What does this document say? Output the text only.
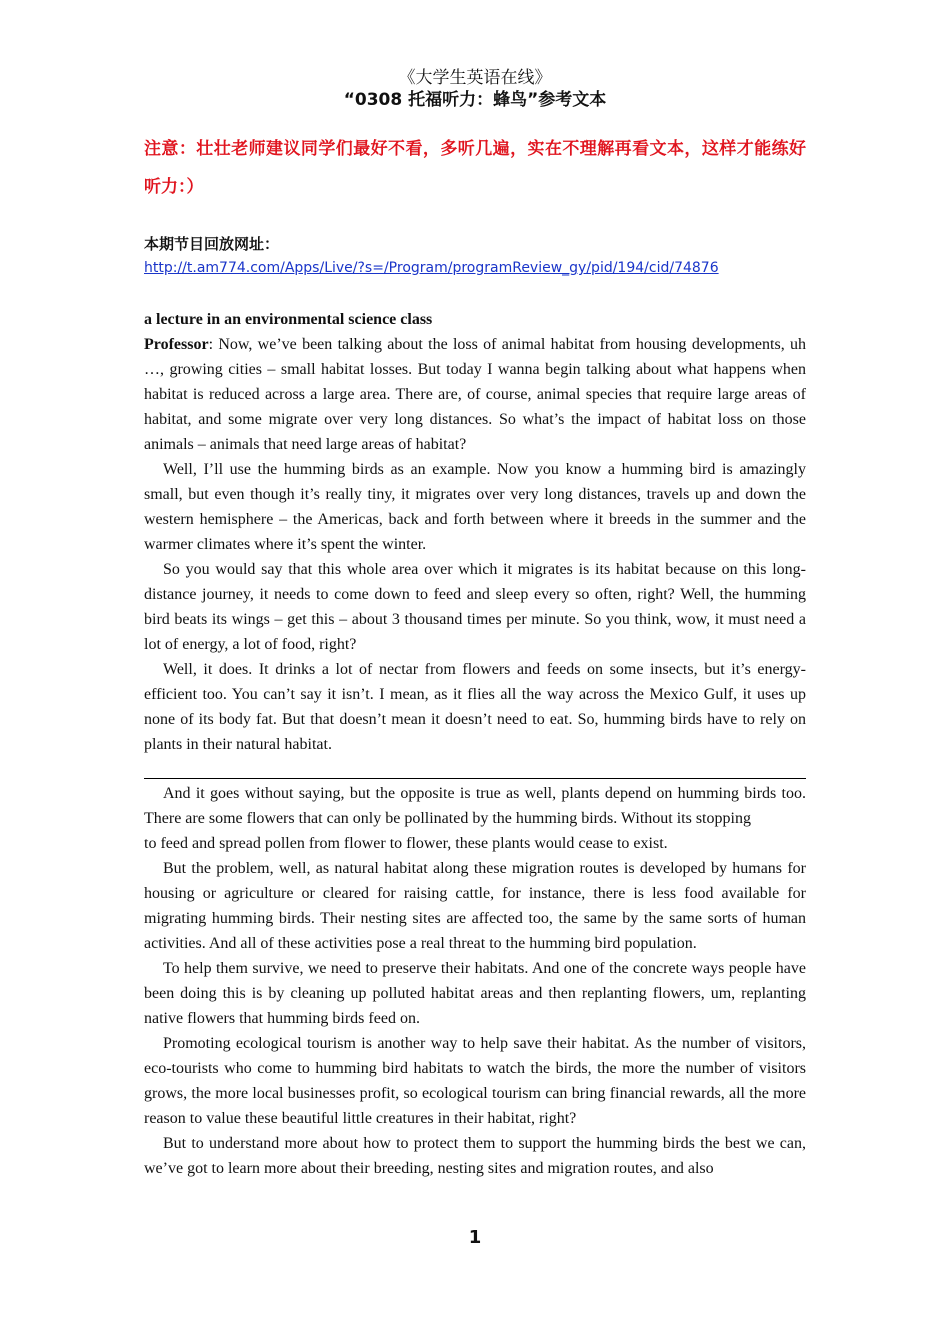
《大学生英语在线》
“0308 托福听力：蜂鸟”参考文本
注意：壮壮老师建议同学们最好不看，多听几遍，实在不理解再看文本，这样才能练好听力：）
本期节目回放网址：
http://t.am774.com/Apps/Live/?s=/Program/programReview_gy/pid/194/cid/74876

a lecture in an environmental science class

Professor: Now, we’ve been talking about the loss of animal habitat from housing developments, uh …, growing cities – small habitat losses. But today I wanna begin talking about what happens when habitat is reduced across a large area. There are, of course, animal species that require large areas of habitat, and some migrate over very long distances. So what’s the impact of habitat loss on those animals – animals that need large areas of habitat?

Well, I’ll use the humming birds as an example. Now you know a humming bird is amazingly small, but even though it’s really tiny, it migrates over very long distances, travels up and down the western hemisphere – the Americas, back and forth between where it breeds in the summer and the warmer climates where it’s spent the winter.

So you would say that this whole area over which it migrates is its habitat because on this long-distance journey, it needs to come down to feed and sleep every so often, right? Well, the humming bird beats its wings – get this – about 3 thousand times per minute. So you think, wow, it must need a lot of energy, a lot of food, right?

Well, it does. It drinks a lot of nectar from flowers and feeds on some insects, but it’s energy-efficient too. You can’t say it isn’t. I mean, as it flies all the way across the Mexico Gulf, it uses up none of its body fat. But that doesn’t mean it doesn’t need to eat. So, humming birds have to rely on plants in their natural habitat.

And it goes without saying, but the opposite is true as well, plants depend on humming birds too. There are some flowers that can only be pollinated by the humming birds. Without its stopping

to feed and spread pollen from flower to flower, these plants would cease to exist.

But the problem, well, as natural habitat along these migration routes is developed by humans for housing or agriculture or cleared for raising cattle, for instance, there is less food available for migrating humming birds. Their nesting sites are affected too, the same by the same sorts of human activities. And all of these activities pose a real threat to the humming bird population.

To help them survive, we need to preserve their habitats. And one of the concrete ways people have been doing this is by cleaning up polluted habitat areas and then replanting flowers, um, replanting native flowers that humming birds feed on.

Promoting ecological tourism is another way to help save their habitat. As the number of visitors, eco-tourists who come to humming bird habitats to watch the birds, the more the number of visitors grows, the more local businesses profit, so ecological tourism can bring financial rewards, all the more reason to value these beautiful little creatures in their habitat, right?

But to understand more about how to protect them to support the humming birds the best we can, we’ve got to learn more about their breeding, nesting sites and migration routes, and also

1
